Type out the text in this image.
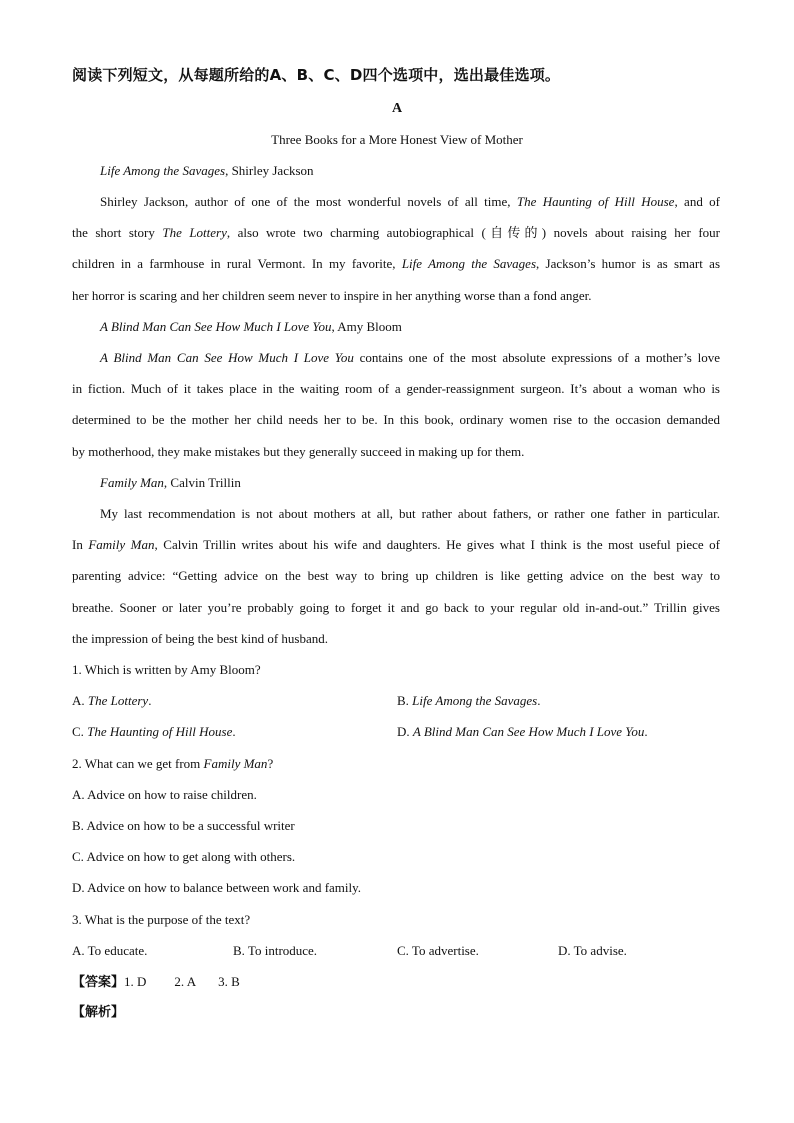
阅读下列短文，从每题所给的A、B、C、D四个选项中，选出最佳选项。
A
Three Books for a More Honest View of Mother
Life Among the Savages, Shirley Jackson
Shirley Jackson, author of one of the most wonderful novels of all time, The Haunting of Hill House, and of
the short story The Lottery, also wrote two charming autobiographical (自传的) novels about raising her four
children in a farmhouse in rural Vermont. In my favorite, Life Among the Savages, Jackson’s humor is as smart as
her horror is scaring and her children seem never to inspire in her anything worse than a fond anger.
A Blind Man Can See How Much I Love You, Amy Bloom
A Blind Man Can See How Much I Love You contains one of the most absolute expressions of a mother’s love
in fiction. Much of it takes place in the waiting room of a gender-reassignment surgeon. It’s about a woman who is
determined to be the mother her child needs her to be. In this book, ordinary women rise to the occasion demanded
by motherhood, they make mistakes but they generally succeed in making up for them.
Family Man, Calvin Trillin
My last recommendation is not about mothers at all, but rather about fathers, or rather one father in particular.
In Family Man, Calvin Trillin writes about his wife and daughters. He gives what I think is the most useful piece of
parenting advice: “Getting advice on the best way to bring up children is like getting advice on the best way to
breathe. Sooner or later you’re probably going to forget it and go back to your regular old in-and-out.” Trillin gives
the impression of being the best kind of husband.
1. Which is written by Amy Bloom?
A. The Lottery.	B. Life Among the Savages.
C. The Haunting of Hill House.	D. A Blind Man Can See How Much I Love You.
2. What can we get from Family Man?
A. Advice on how to raise children.
B. Advice on how to be a successful writer
C. Advice on how to get along with others.
D. Advice on how to balance between work and family.
3. What is the purpose of the text?
A. To educate.	B. To introduce.	C. To advertise.	D. To advise.
【答案】1. D 2. A 3. B
【解析】
